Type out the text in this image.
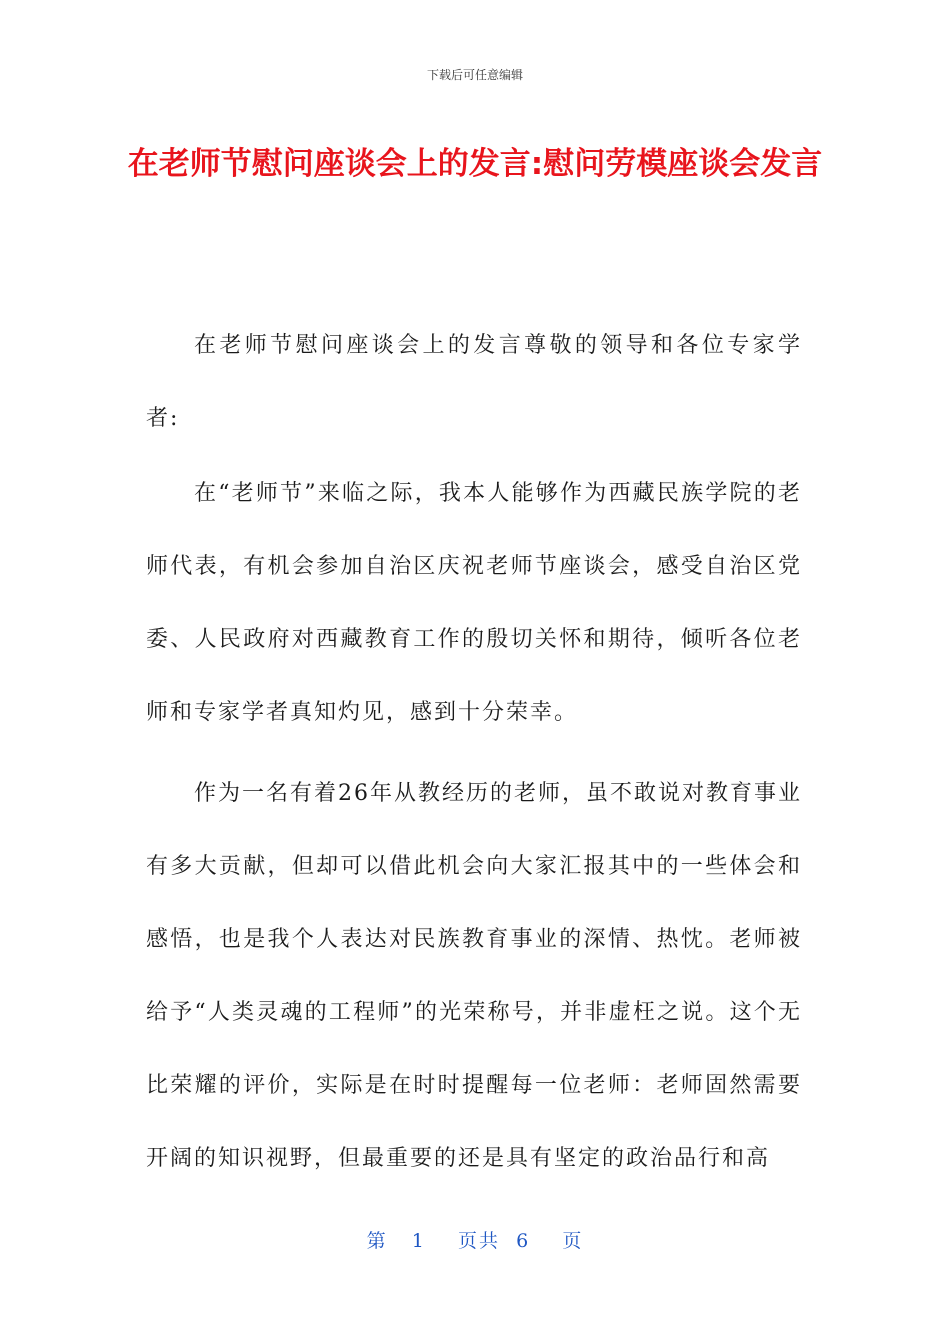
下载后可任意编辑
在老师节慰问座谈会上的发言:慰问劳模座谈会发言

在老师节慰问座谈会上的发言尊敬的领导和各位专家学者:

在“老师节”来临之际，我本人能够作为西藏民族学院的老师代表，有机会参加自治区庆祝老师节座谈会，感受自治区党委、人民政府对西藏教育工作的殷切关怀和期待，倾听各位老师和专家学者真知灼见，感到十分荣幸。

作为一名有着26年从教经历的老师，虽不敢说对教育事业有多大贡献，但却可以借此机会向大家汇报其中的一些体会和感悟，也是我个人表达对民族教育事业的深情、热忱。老师被给予“人类灵魂的工程师”的光荣称号，并非虚枉之说。这个无比荣耀的评价，实际是在时时提醒每一位老师：老师固然需要开阔的知识视野，但最重要的还是具有坚定的政治品行和高

第 1 页共 6 页
